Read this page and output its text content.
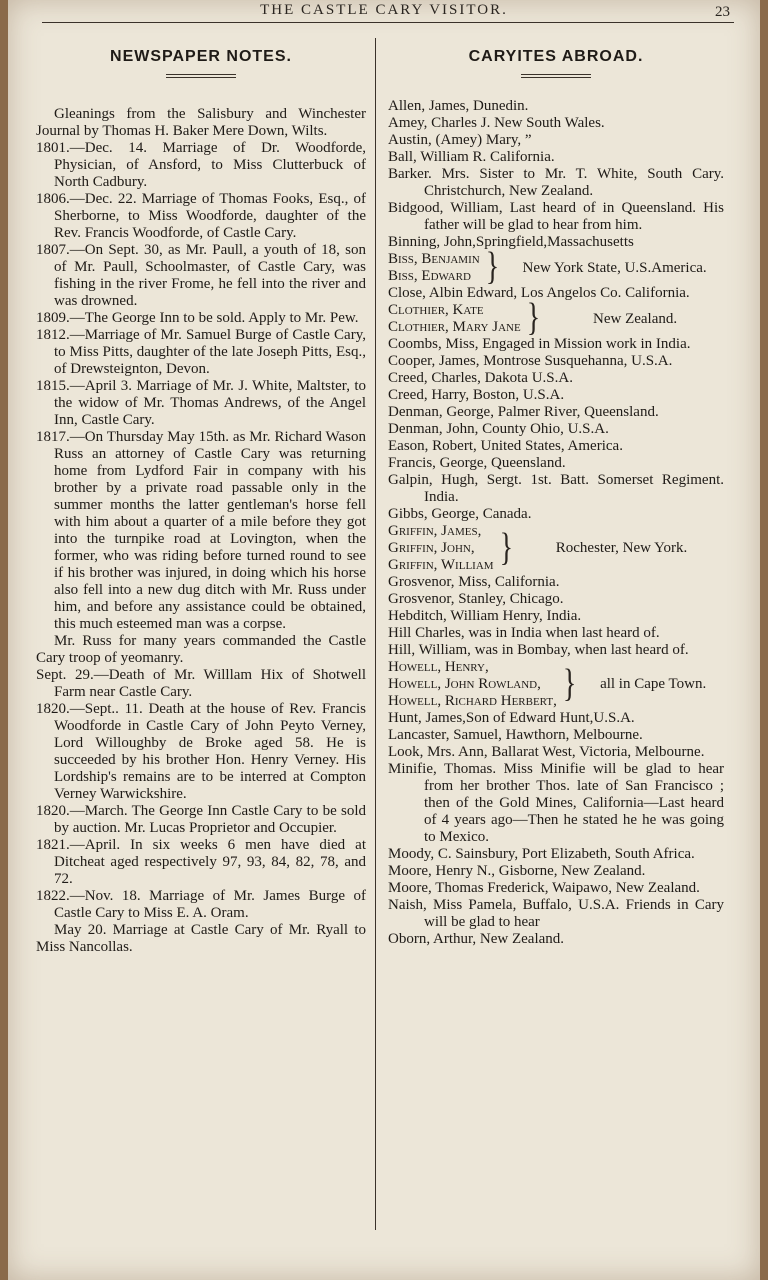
THE CASTLE CARY VISITOR.	23
NEWSPAPER NOTES.

Gleanings from the Salisbury and Winchester Journal by Thomas H. Baker Mere Down, Wilts.

1801.—Dec. 14. Marriage of Dr. Woodforde, Physician, of Ansford, to Miss Clutterbuck of North Cadbury.

1806.—Dec. 22. Marriage of Thomas Fooks, Esq., of Sherborne, to Miss Woodforde, daughter of the Rev. Francis Woodforde, of Castle Cary.

1807.—On Sept. 30, as Mr. Paull, a youth of 18, son of Mr. Paull, Schoolmaster, of Castle Cary, was fishing in the river Frome, he fell into the river and was drowned.

1809.—The George Inn to be sold. Apply to Mr. Pew.

1812.—Marriage of Mr. Samuel Burge of Castle Cary, to Miss Pitts, daughter of the late Joseph Pitts, Esq., of Drewsteignton, Devon.

1815.—April 3. Marriage of Mr. J. White, Maltster, to the widow of Mr. Thomas Andrews, of the Angel Inn, Castle Cary.

1817.—On Thursday May 15th. as Mr. Richard Wason Russ an attorney of Castle Cary was returning home from Lydford Fair in company with his brother by a private road passable only in the summer months the latter gentleman's horse fell with him about a quarter of a mile before they got into the turnpike road at Lovington, when the former, who was riding before turned round to see if his brother was injured, in doing which his horse also fell into a new dug ditch with Mr. Russ under him, and before any assistance could be obtained, this much esteemed man was a corpse.

Mr. Russ for many years commanded the Castle Cary troop of yeomanry.

Sept. 29.—Death of Mr. Willlam Hix of Shotwell Farm near Castle Cary.

1820.—Sept.. 11. Death at the house of Rev. Francis Woodforde in Castle Cary of John Peyto Verney, Lord Willoughby de Broke aged 58. He is succeeded by his brother Hon. Henry Verney. His Lordship's remains are to be interred at Compton Verney Warwickshire.

1820.—March. The George Inn Castle Cary to be sold by auction. Mr. Lucas Proprietor and Occupier.

1821.—April. In six weeks 6 men have died at Ditcheat aged respectively 97, 93, 84, 82, 78, and 72.

1822.—Nov. 18. Marriage of Mr. James Burge of Castle Cary to Miss E. A. Oram.

May 20. Marriage at Castle Cary of Mr. Ryall to Miss Nancollas.

CARYITES ABROAD.

Allen, James, Dunedin.

Amey, Charles J. New South Wales.

Austin, (Amey) Mary, ”

Ball, William R. California.

Barker. Mrs. Sister to Mr. T. White, South Cary. Christchurch, New Zealand.

Bidgood, William, Last heard of in Queensland. His father will be glad to hear from him.

Binning, John,Springfield,Massachusetts

Biss, Benjamin

Biss, Edward }	New York State, U.S.America.

Close, Albin Edward, Los Angelos Co. California.

Clothier, Kate

Clothier, Mary Jane }	New Zealand.

Coombs, Miss, Engaged in Mission work in India.

Cooper, James, Montrose Susquehanna, U.S.A.

Creed, Charles, Dakota U.S.A.

Creed, Harry, Boston, U.S.A.

Denman, George, Palmer River, Queensland.

Denman, John, County Ohio, U.S.A.

Eason, Robert, United States, America.

Francis, George, Queensland.

Galpin, Hugh, Sergt. 1st. Batt. Somerset Regiment. India.

Gibbs, George, Canada.

Griffin, James,

Griffin, John,

Griffin, William }	Rochester, New York.

Grosvenor, Miss, California.

Grosvenor, Stanley, Chicago.

Hebditch, William Henry, India.

Hill Charles, was in India when last heard of.

Hill, William, was in Bombay, when last heard of.

Howell, Henry,

Howell, John Rowland,

Howell, Richard Herbert, }	all in Cape Town.

Hunt, James,Son of Edward Hunt,U.S.A.

Lancaster, Samuel, Hawthorn, Melbourne.

Look, Mrs. Ann, Ballarat West, Victoria, Melbourne.

Minifie, Thomas. Miss Minifie will be glad to hear from her brother Thos. late of San Francisco ; then of the Gold Mines, California—Last heard of 4 years ago—Then he stated he he was going to Mexico.

Moody, C. Sainsbury, Port Elizabeth, South Africa.

Moore, Henry N., Gisborne, New Zealand.

Moore, Thomas Frederick, Waipawo, New Zealand.

Naish, Miss Pamela, Buffalo, U.S.A. Friends in Cary will be glad to hear

Oborn, Arthur, New Zealand.
